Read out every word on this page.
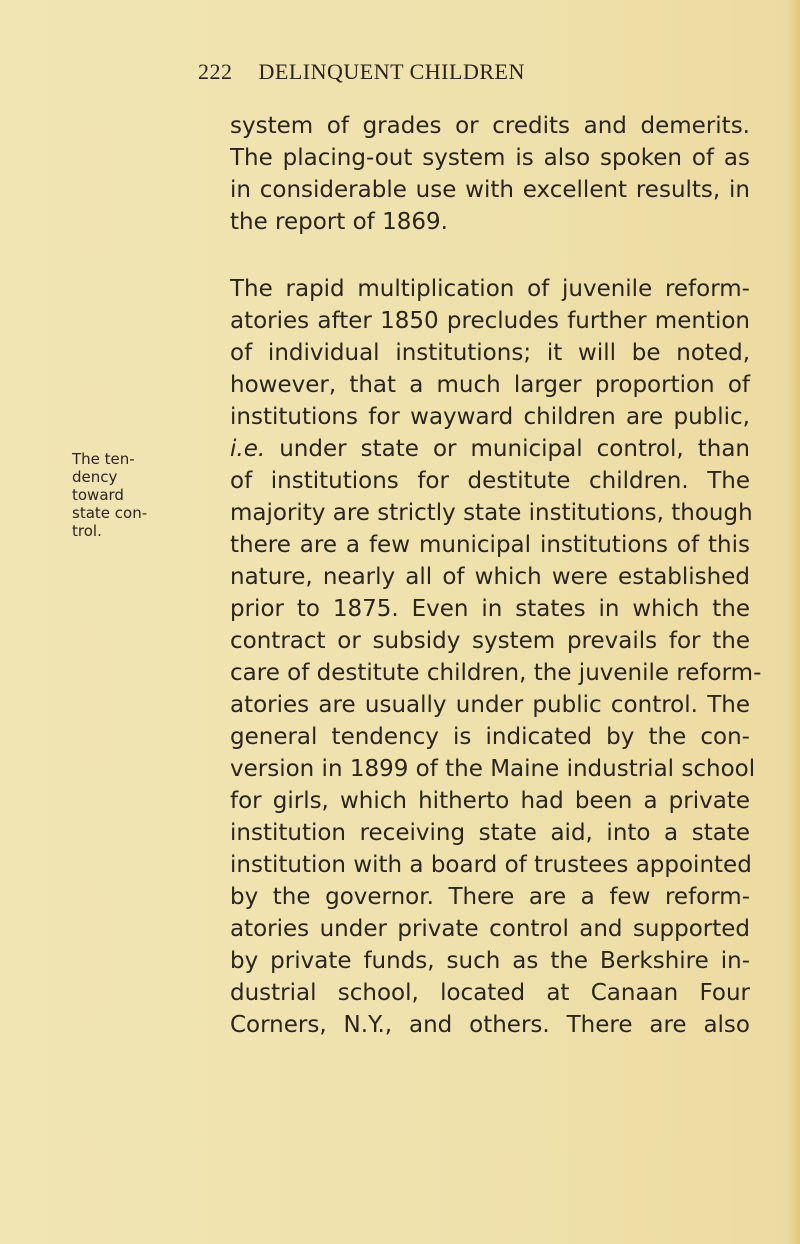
222 DELINQUENT CHILDREN
The ten-
dency
toward
state con-
trol.
system of grades or credits and demerits.
The placing-out system is also spoken of as
in considerable use with excellent results, in
the report of 1869.
The rapid multiplication of juvenile reform-
atories after 1850 precludes further mention
of individual institutions; it will be noted,
however, that a much larger proportion of
institutions for wayward children are public,
i.e. under state or municipal control, than
of institutions for destitute children. The
majority are strictly state institutions, though
there are a few municipal institutions of this
nature, nearly all of which were established
prior to 1875. Even in states in which the
contract or subsidy system prevails for the
care of destitute children, the juvenile reform-
atories are usually under public control. The
general tendency is indicated by the con-
version in 1899 of the Maine industrial school
for girls, which hitherto had been a private
institution receiving state aid, into a state
institution with a board of trustees appointed
by the governor. There are a few reform-
atories under private control and supported
by private funds, such as the Berkshire in-
dustrial school, located at Canaan Four
Corners, N.Y., and others. There are also
